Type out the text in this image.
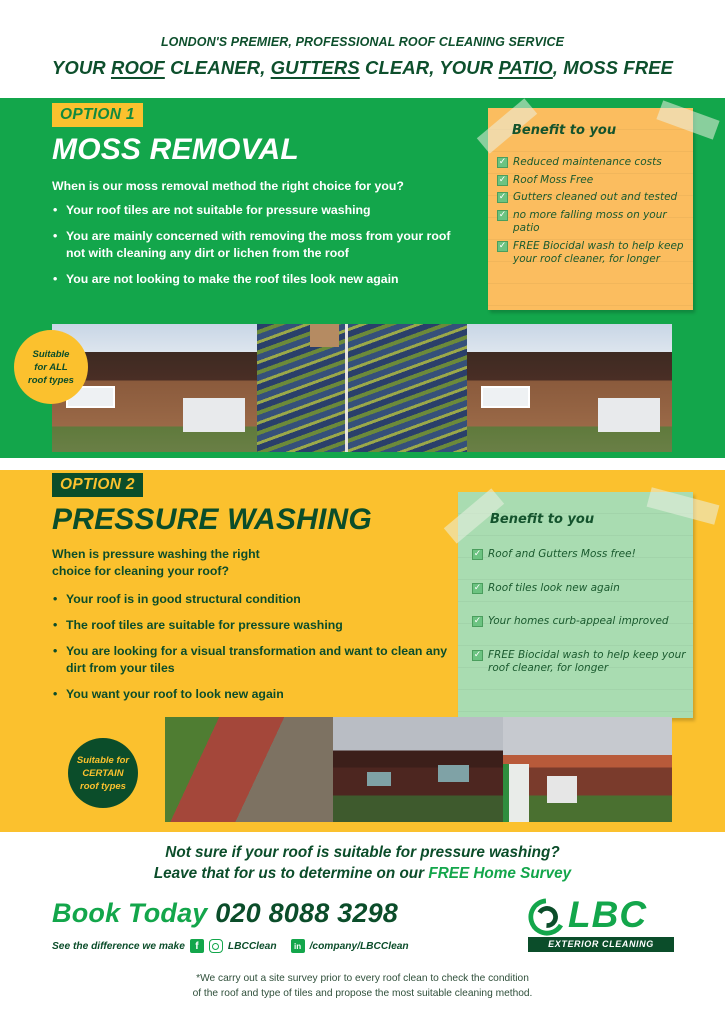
LONDON'S PREMIER, PROFESSIONAL ROOF CLEANING SERVICE
YOUR ROOF CLEANER, GUTTERS CLEAR, YOUR PATIO, MOSS FREE
OPTION 1
MOSS REMOVAL

When is our moss removal method the right choice for you?

• Your roof tiles are not suitable for pressure washing
• You are mainly concerned with removing the moss from your roof not with cleaning any dirt or lichen from the roof
• You are not looking to make the roof tiles look new again
Benefit to you
✓ Reduced maintenance costs
✓ Roof Moss Free
✓ Gutters cleaned out and tested
✓ no more falling moss on your patio
✓ FREE Biocidal wash to help keep your roof cleaner, for longer
Suitable
for ALL
roof types
OPTION 2
PRESSURE WASHING

When is pressure washing the right choice for cleaning your roof?

• Your roof is in good structural condition
• The roof tiles are suitable for pressure washing
• You are looking for a visual transformation and want to clean any dirt from your tiles
• You want your roof to look new again
Benefit to you
✓ Roof and Gutters Moss free!
✓ Roof tiles look new again
✓ Your homes curb-appeal improved
✓ FREE Biocidal wash to help keep your roof cleaner, for longer
Suitable for
CERTAIN
roof types
Not sure if your roof is suitable for pressure washing?
Leave that for us to determine on our FREE Home Survey
Book Today 020 8088 3298
See the difference we make	f	LBCClean	in /company/LBCClean
LBC
EXTERIOR CLEANING
*We carry out a site survey prior to every roof clean to check the condition
of the roof and type of tiles and propose the most suitable cleaning method.
